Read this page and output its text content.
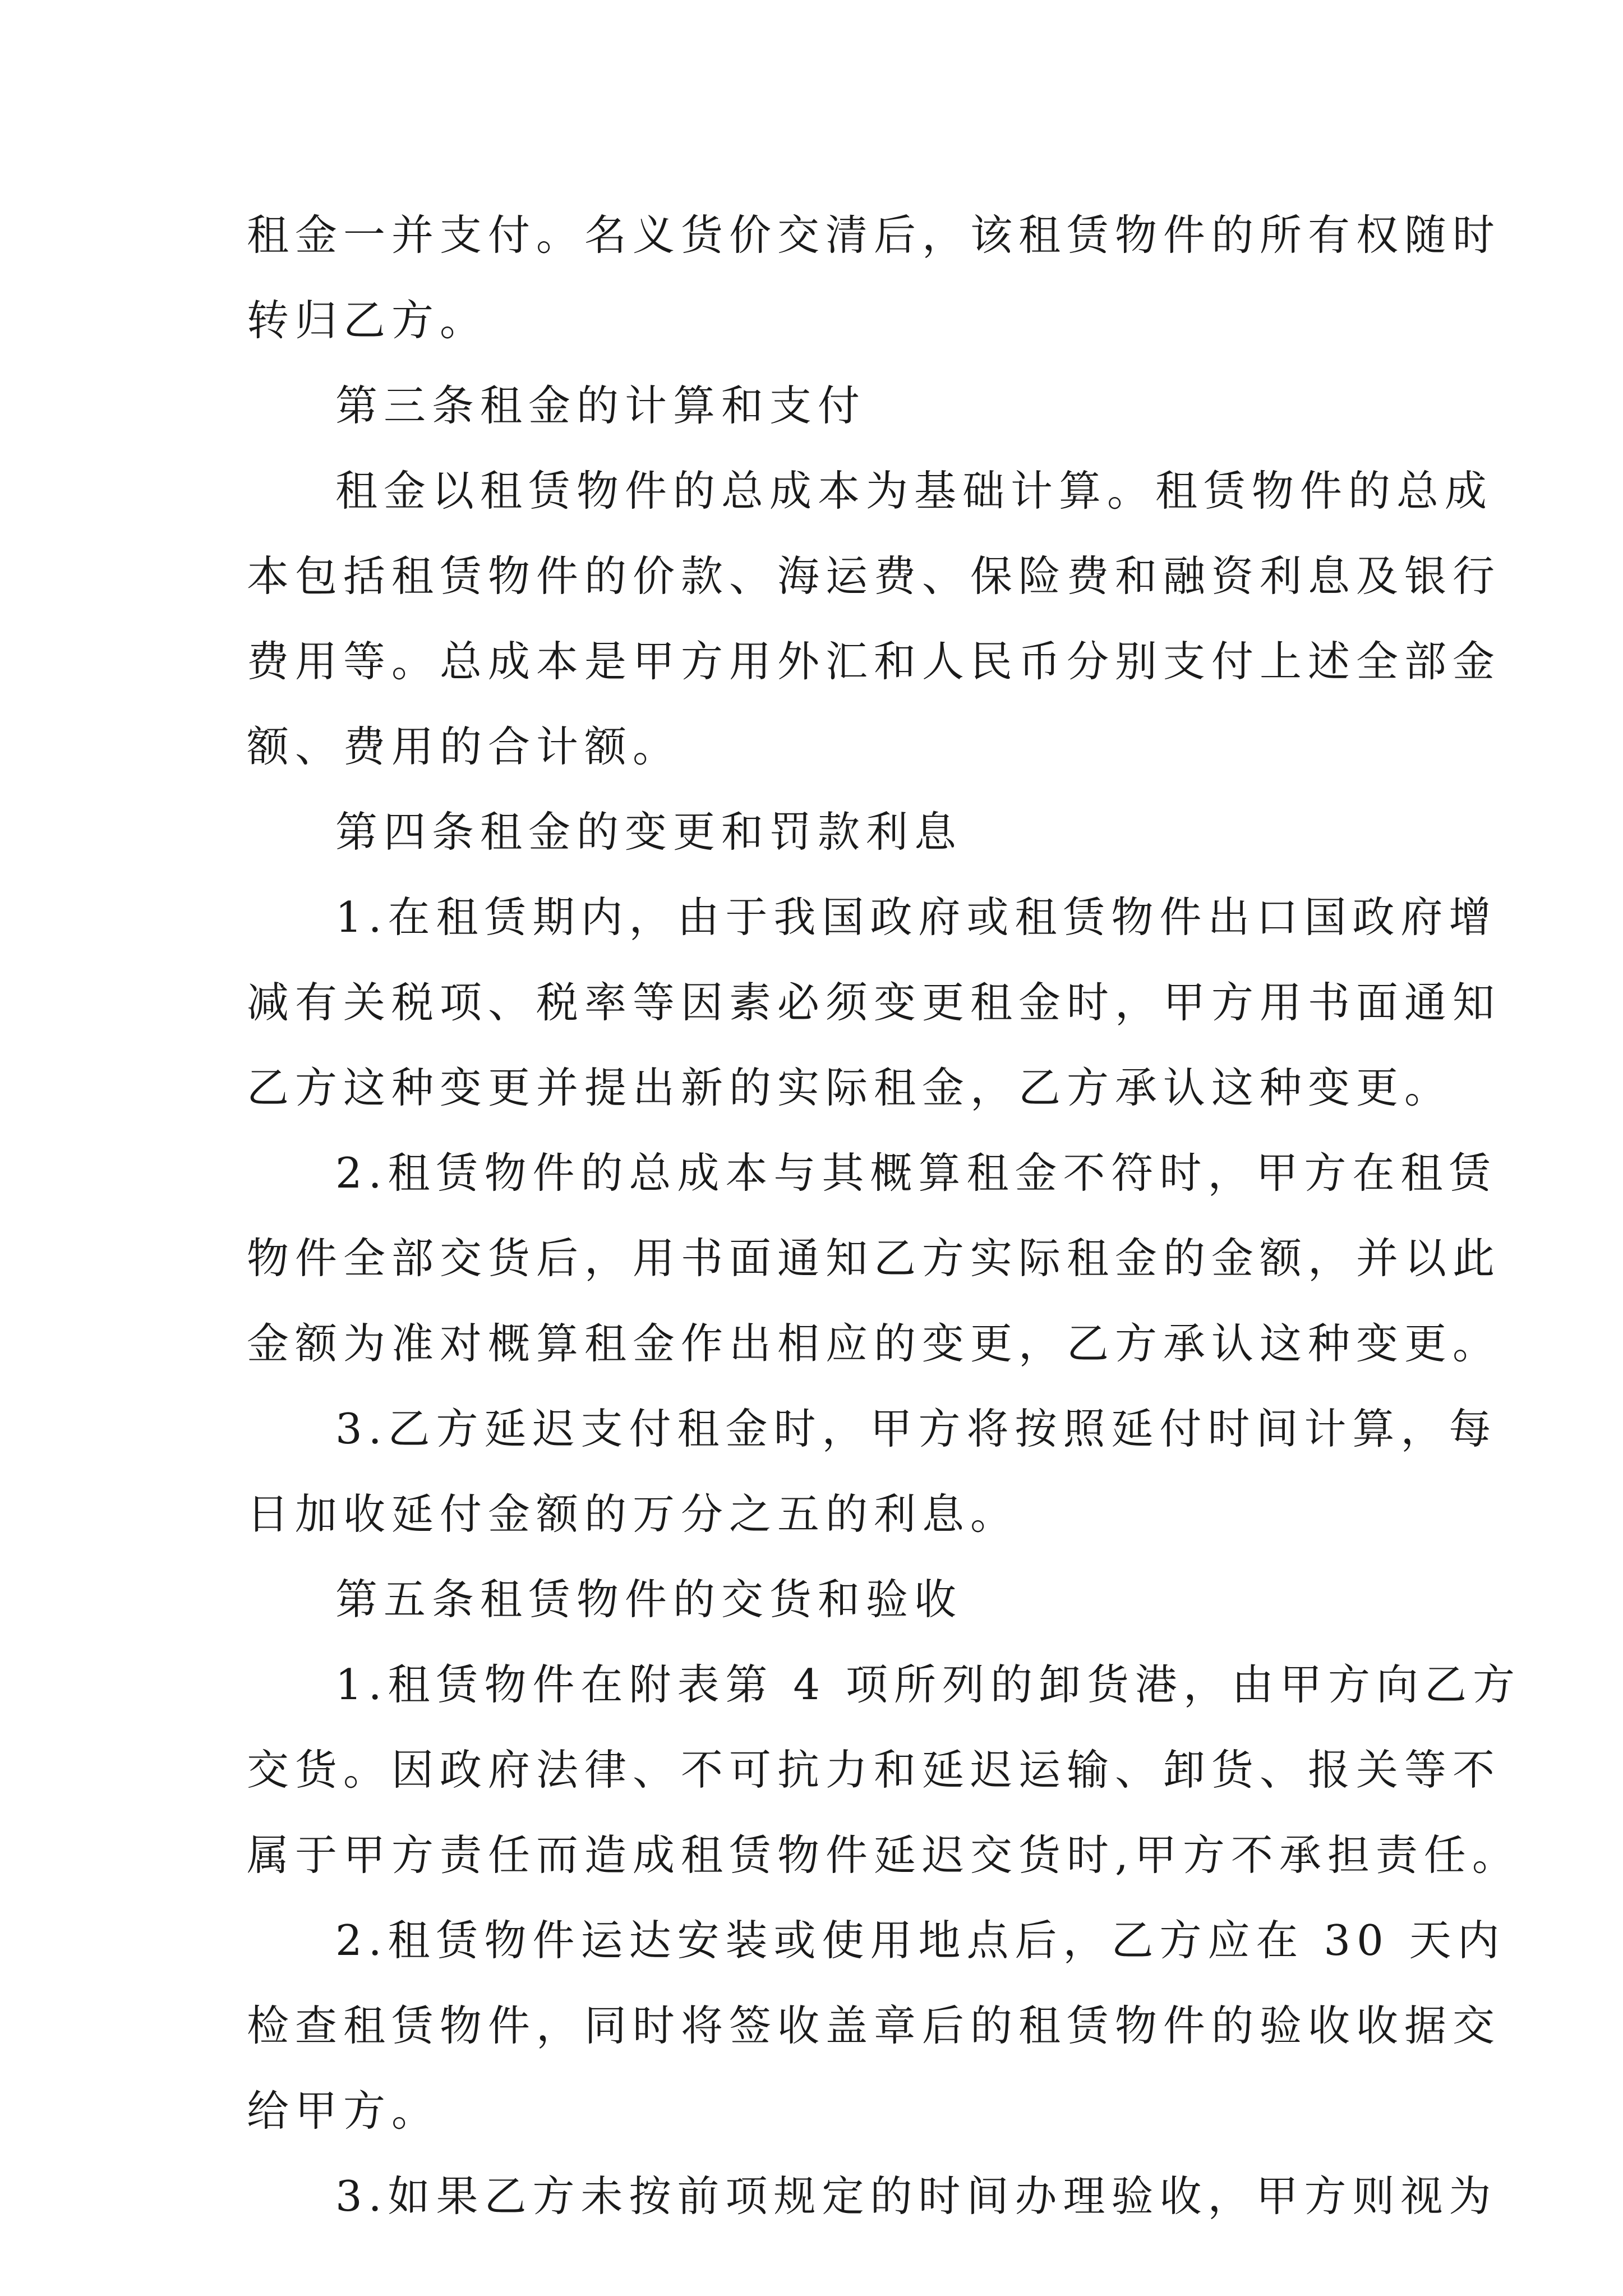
租金一并支付。名义货价交清后，该租赁物件的所有权随时
转归乙方。
第三条租金的计算和支付
租金以租赁物件的总成本为基础计算。租赁物件的总成
本包括租赁物件的价款、海运费、保险费和融资利息及银行
费用等。总成本是甲方用外汇和人民币分别支付上述全部金
额、费用的合计额。
第四条租金的变更和罚款利息
1.在租赁期内，由于我国政府或租赁物件出口国政府增
减有关税项、税率等因素必须变更租金时，甲方用书面通知
乙方这种变更并提出新的实际租金，乙方承认这种变更。
2.租赁物件的总成本与其概算租金不符时，甲方在租赁
物件全部交货后，用书面通知乙方实际租金的金额，并以此
金额为准对概算租金作出相应的变更，乙方承认这种变更。
3.乙方延迟支付租金时，甲方将按照延付时间计算，每
日加收延付金额的万分之五的利息。
第五条租赁物件的交货和验收
1.租赁物件在附表第 4 项所列的卸货港，由甲方向乙方
交货。因政府法律、不可抗力和延迟运输、卸货、报关等不
属于甲方责任而造成租赁物件延迟交货时,甲方不承担责任。
2.租赁物件运达安装或使用地点后，乙方应在 30 天内
检查租赁物件，同时将签收盖章后的租赁物件的验收收据交
给甲方。
3.如果乙方未按前项规定的时间办理验收，甲方则视为
